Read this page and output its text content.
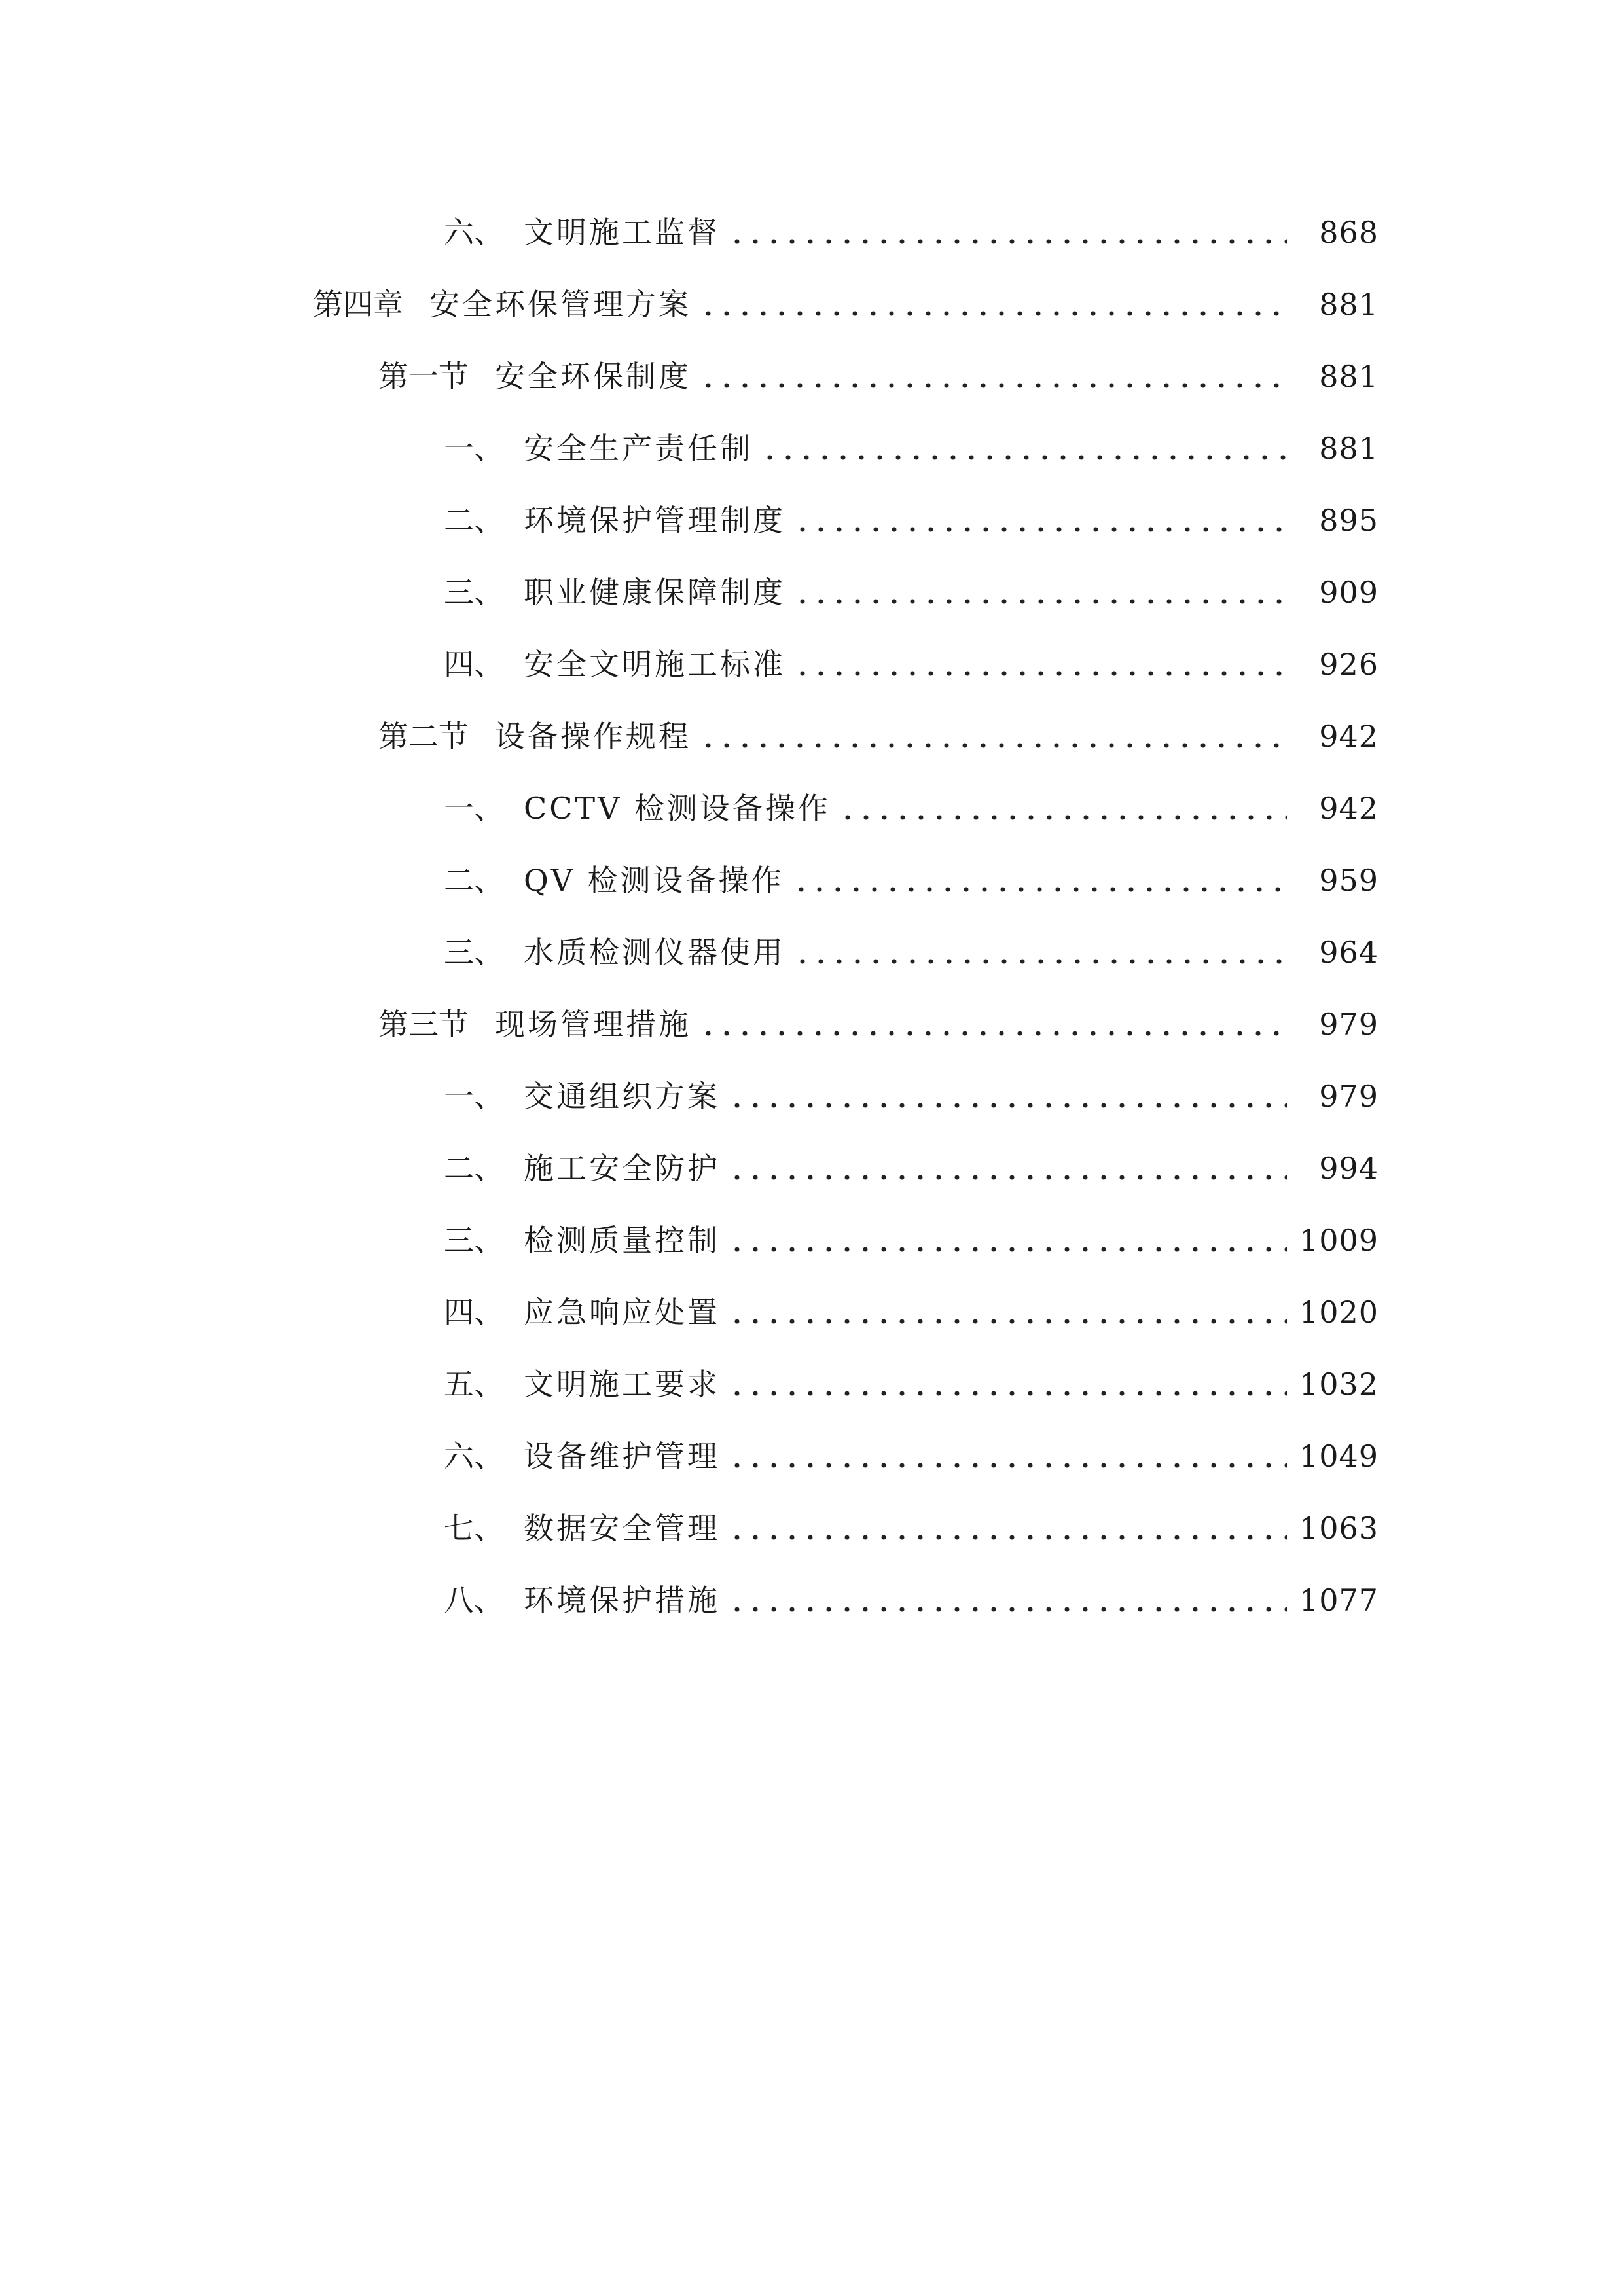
六、 文明施工监督	868
第四章 安全环保管理方案	881
第一节 安全环保制度	881
一、 安全生产责任制	881
二、 环境保护管理制度	895
三、 职业健康保障制度	909
四、 安全文明施工标准	926
第二节 设备操作规程	942
一、 CCTV 检测设备操作	942
二、 QV 检测设备操作	959
三、 水质检测仪器使用	964
第三节 现场管理措施	979
一、 交通组织方案	979
二、 施工安全防护	994
三、 检测质量控制	1009
四、 应急响应处置	1020
五、 文明施工要求	1032
六、 设备维护管理	1049
七、 数据安全管理	1063
八、 环境保护措施	1077
